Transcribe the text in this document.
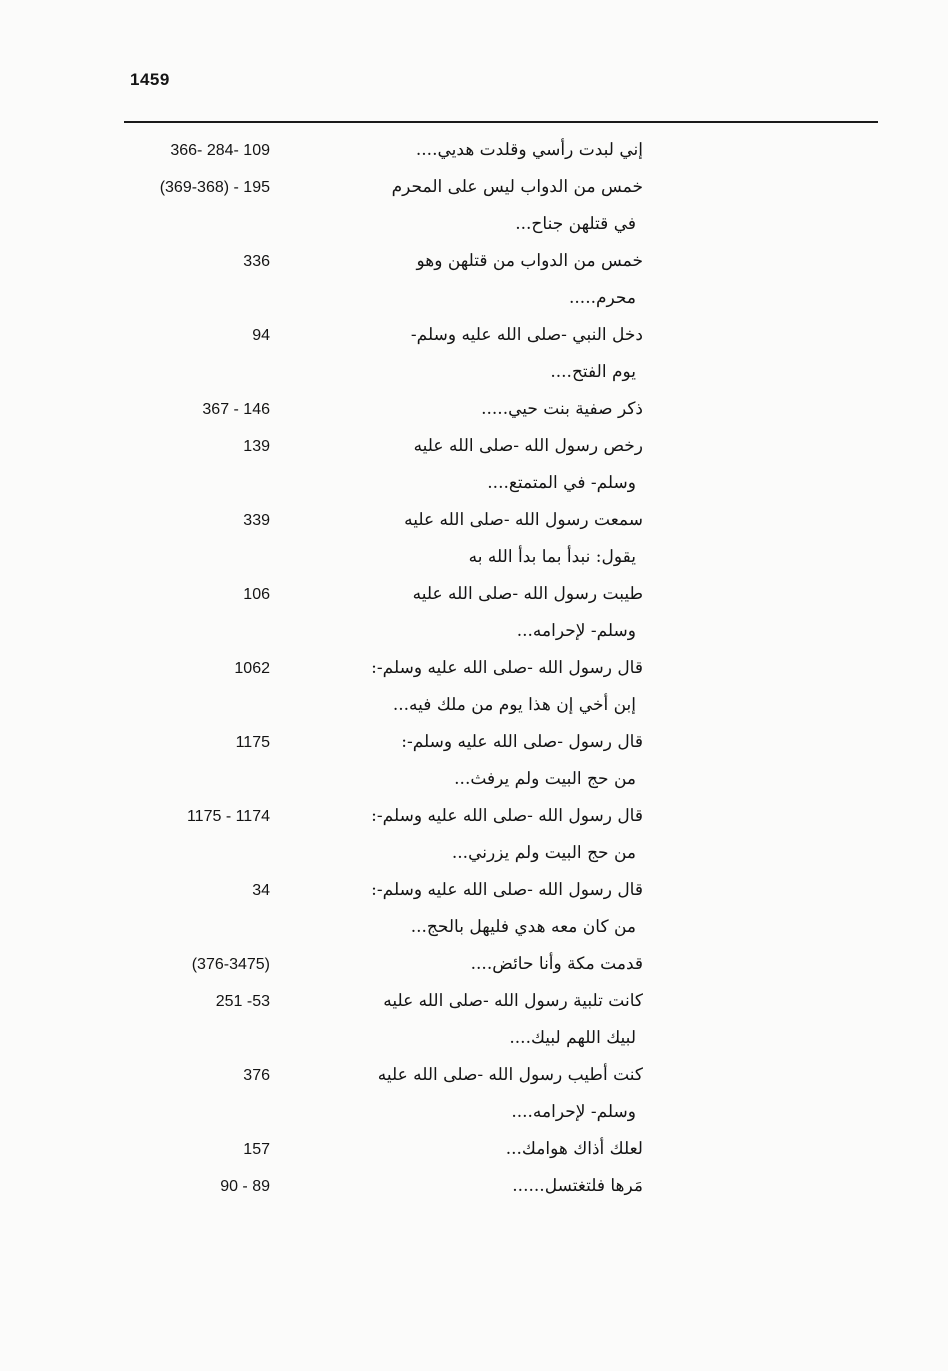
1459
إني لبدت رأسي وقلدت هديي....
366- 284- 109
خمس من الدواب ليس على المحرم
(369-368) - 195
في قتلهن جناح...
خمس من الدواب من قتلهن وهو
336
محرم.....
دخل النبي -صلى الله عليه وسلم-
94
يوم الفتح....
ذكر صفية بنت حيي.....
367 - 146
رخص رسول الله -صلى الله عليه
139
وسلم- في المتمتع....
سمعت رسول الله -صلى الله عليه
339
يقول: نبدأ بما بدأ الله به
طيبت رسول الله -صلى الله عليه
106
وسلم- لإحرامه...
قال رسول الله -صلى الله عليه وسلم-:
1062
إبن أخي إن هذا يوم من ملك فيه...
قال رسول -صلى الله عليه وسلم-:
1175
من حج البيت ولم يرفث...
قال رسول الله -صلى الله عليه وسلم-:
1175 - 1174
من حج البيت ولم يزرني...
قال رسول الله -صلى الله عليه وسلم-:
34
من كان معه هدي فليهل بالحج...
قدمت مكة وأنا حائض....
(376-3475)
كانت تلبية رسول الله -صلى الله عليه
251 -53
لبيك اللهم لبيك....
كنت أطيب رسول الله -صلى الله عليه
376
وسلم- لإحرامه....
لعلك أذاك هوامك...
157
مَرها فلتغتسل......
90 - 89
